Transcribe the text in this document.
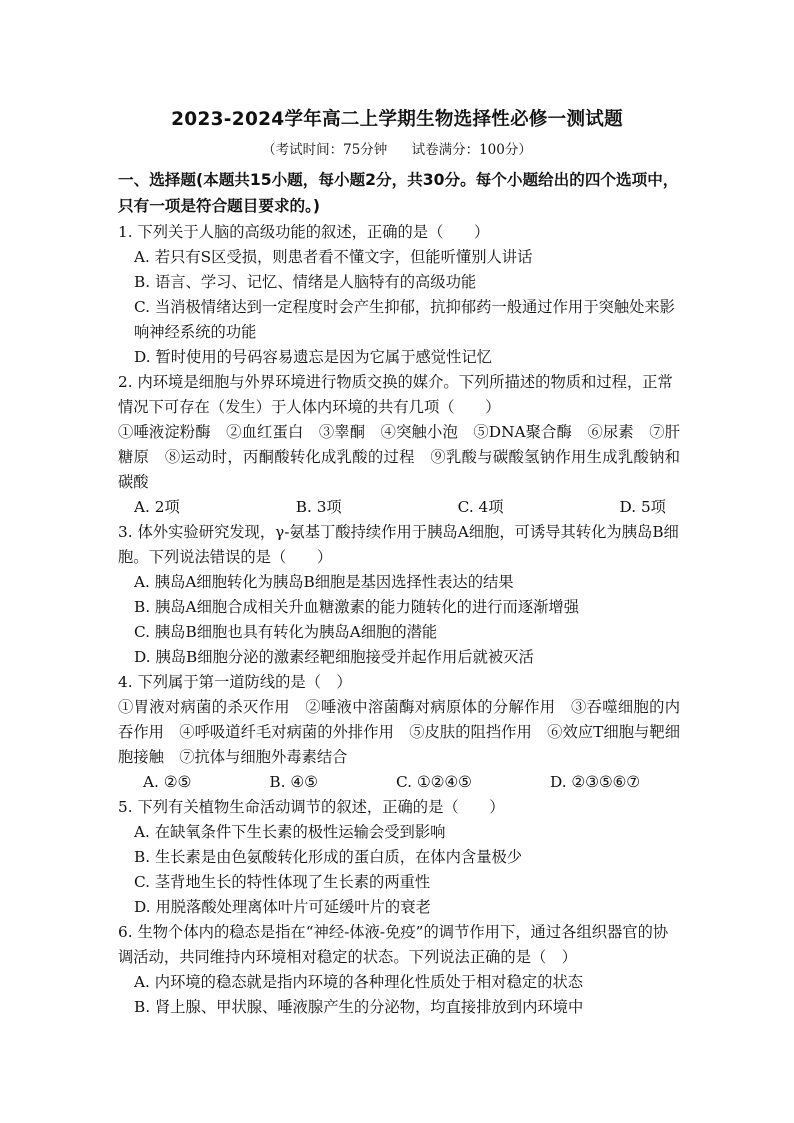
2023-2024学年高二上学期生物选择性必修一测试题
（考试时间：75分钟 试卷满分：100分）
一、选择题(本题共15小题，每小题2分，共30分。每个小题给出的四个选项中，只有一项是符合题目要求的。)

1. 下列关于人脑的高级功能的叙述，正确的是（　　）

A. 若只有S区受损，则患者看不懂文字，但能听懂别人讲话

B. 语言、学习、记忆、情绪是人脑特有的高级功能

C. 当消极情绪达到一定程度时会产生抑郁，抗抑郁药一般通过作用于突触处来影响神经系统的功能

D. 暂时使用的号码容易遗忘是因为它属于感觉性记忆

2. 内环境是细胞与外界环境进行物质交换的媒介。下列所描述的物质和过程，正常情况下可存在（发生）于人体内环境的共有几项（　　）

①唾液淀粉酶　②血红蛋白　③睾酮　④突触小泡　⑤DNA聚合酶　⑥尿素　⑦肝糖原　⑧运动时，丙酮酸转化成乳酸的过程　⑨乳酸与碳酸氢钠作用生成乳酸钠和碳酸

A. 2项	B. 3项	C. 4项	D. 5项

3. 体外实验研究发现，γ-氨基丁酸持续作用于胰岛A细胞，可诱导其转化为胰岛B细胞。下列说法错误的是（　　）

A. 胰岛A细胞转化为胰岛B细胞是基因选择性表达的结果

B. 胰岛A细胞合成相关升血糖激素的能力随转化的进行而逐渐增强

C. 胰岛B细胞也具有转化为胰岛A细胞的潜能

D. 胰岛B细胞分泌的激素经靶细胞接受并起作用后就被灭活

4. 下列属于第一道防线的是（　）

①胃液对病菌的杀灭作用　②唾液中溶菌酶对病原体的分解作用　③吞噬细胞的内吞作用　④呼吸道纤毛对病菌的外排作用　⑤皮肤的阻挡作用　⑥效应T细胞与靶细胞接触　⑦抗体与细胞外毒素结合

A. ②⑤	B. ④⑤	C. ①②④⑤	D. ②③⑤⑥⑦

5. 下列有关植物生命活动调节的叙述，正确的是（　　）

A. 在缺氧条件下生长素的极性运输会受到影响

B. 生长素是由色氨酸转化形成的蛋白质，在体内含量极少

C. 茎背地生长的特性体现了生长素的两重性

D. 用脱落酸处理离体叶片可延缓叶片的衰老

6. 生物个体内的稳态是指在“神经-体液-免疫”的调节作用下，通过各组织器官的协调活动，共同维持内环境相对稳定的状态。下列说法正确的是（　）

A. 内环境的稳态就是指内环境的各种理化性质处于相对稳定的状态

B. 肾上腺、甲状腺、唾液腺产生的分泌物，均直接排放到内环境中
